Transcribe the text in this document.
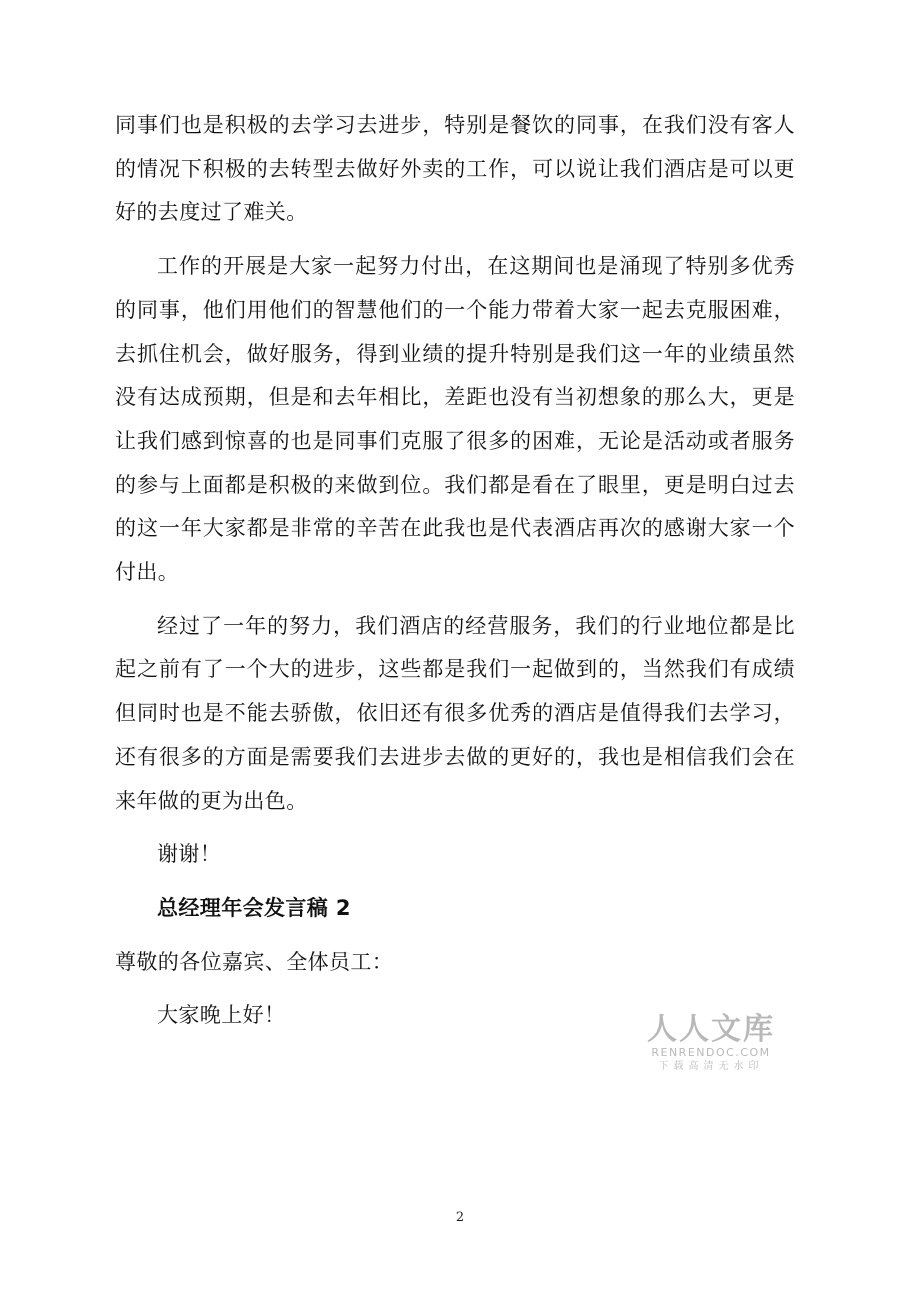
同事们也是积极的去学习去进步，特别是餐饮的同事，在我们没有客人的情况下积极的去转型去做好外卖的工作，可以说让我们酒店是可以更好的去度过了难关。

工作的开展是大家一起努力付出，在这期间也是涌现了特别多优秀的同事，他们用他们的智慧他们的一个能力带着大家一起去克服困难，去抓住机会，做好服务，得到业绩的提升特别是我们这一年的业绩虽然没有达成预期，但是和去年相比，差距也没有当初想象的那么大，更是让我们感到惊喜的也是同事们克服了很多的困难，无论是活动或者服务的参与上面都是积极的来做到位。我们都是看在了眼里，更是明白过去的这一年大家都是非常的辛苦在此我也是代表酒店再次的感谢大家一个付出。

经过了一年的努力，我们酒店的经营服务，我们的行业地位都是比起之前有了一个大的进步，这些都是我们一起做到的，当然我们有成绩但同时也是不能去骄傲，依旧还有很多优秀的酒店是值得我们去学习，还有很多的方面是需要我们去进步去做的更好的，我也是相信我们会在来年做的更为出色。

谢谢！

总经理年会发言稿 2

尊敬的各位嘉宾、全体员工：

大家晚上好！	人人文库
RENRENDOC.COM
下载高清无水印
2
